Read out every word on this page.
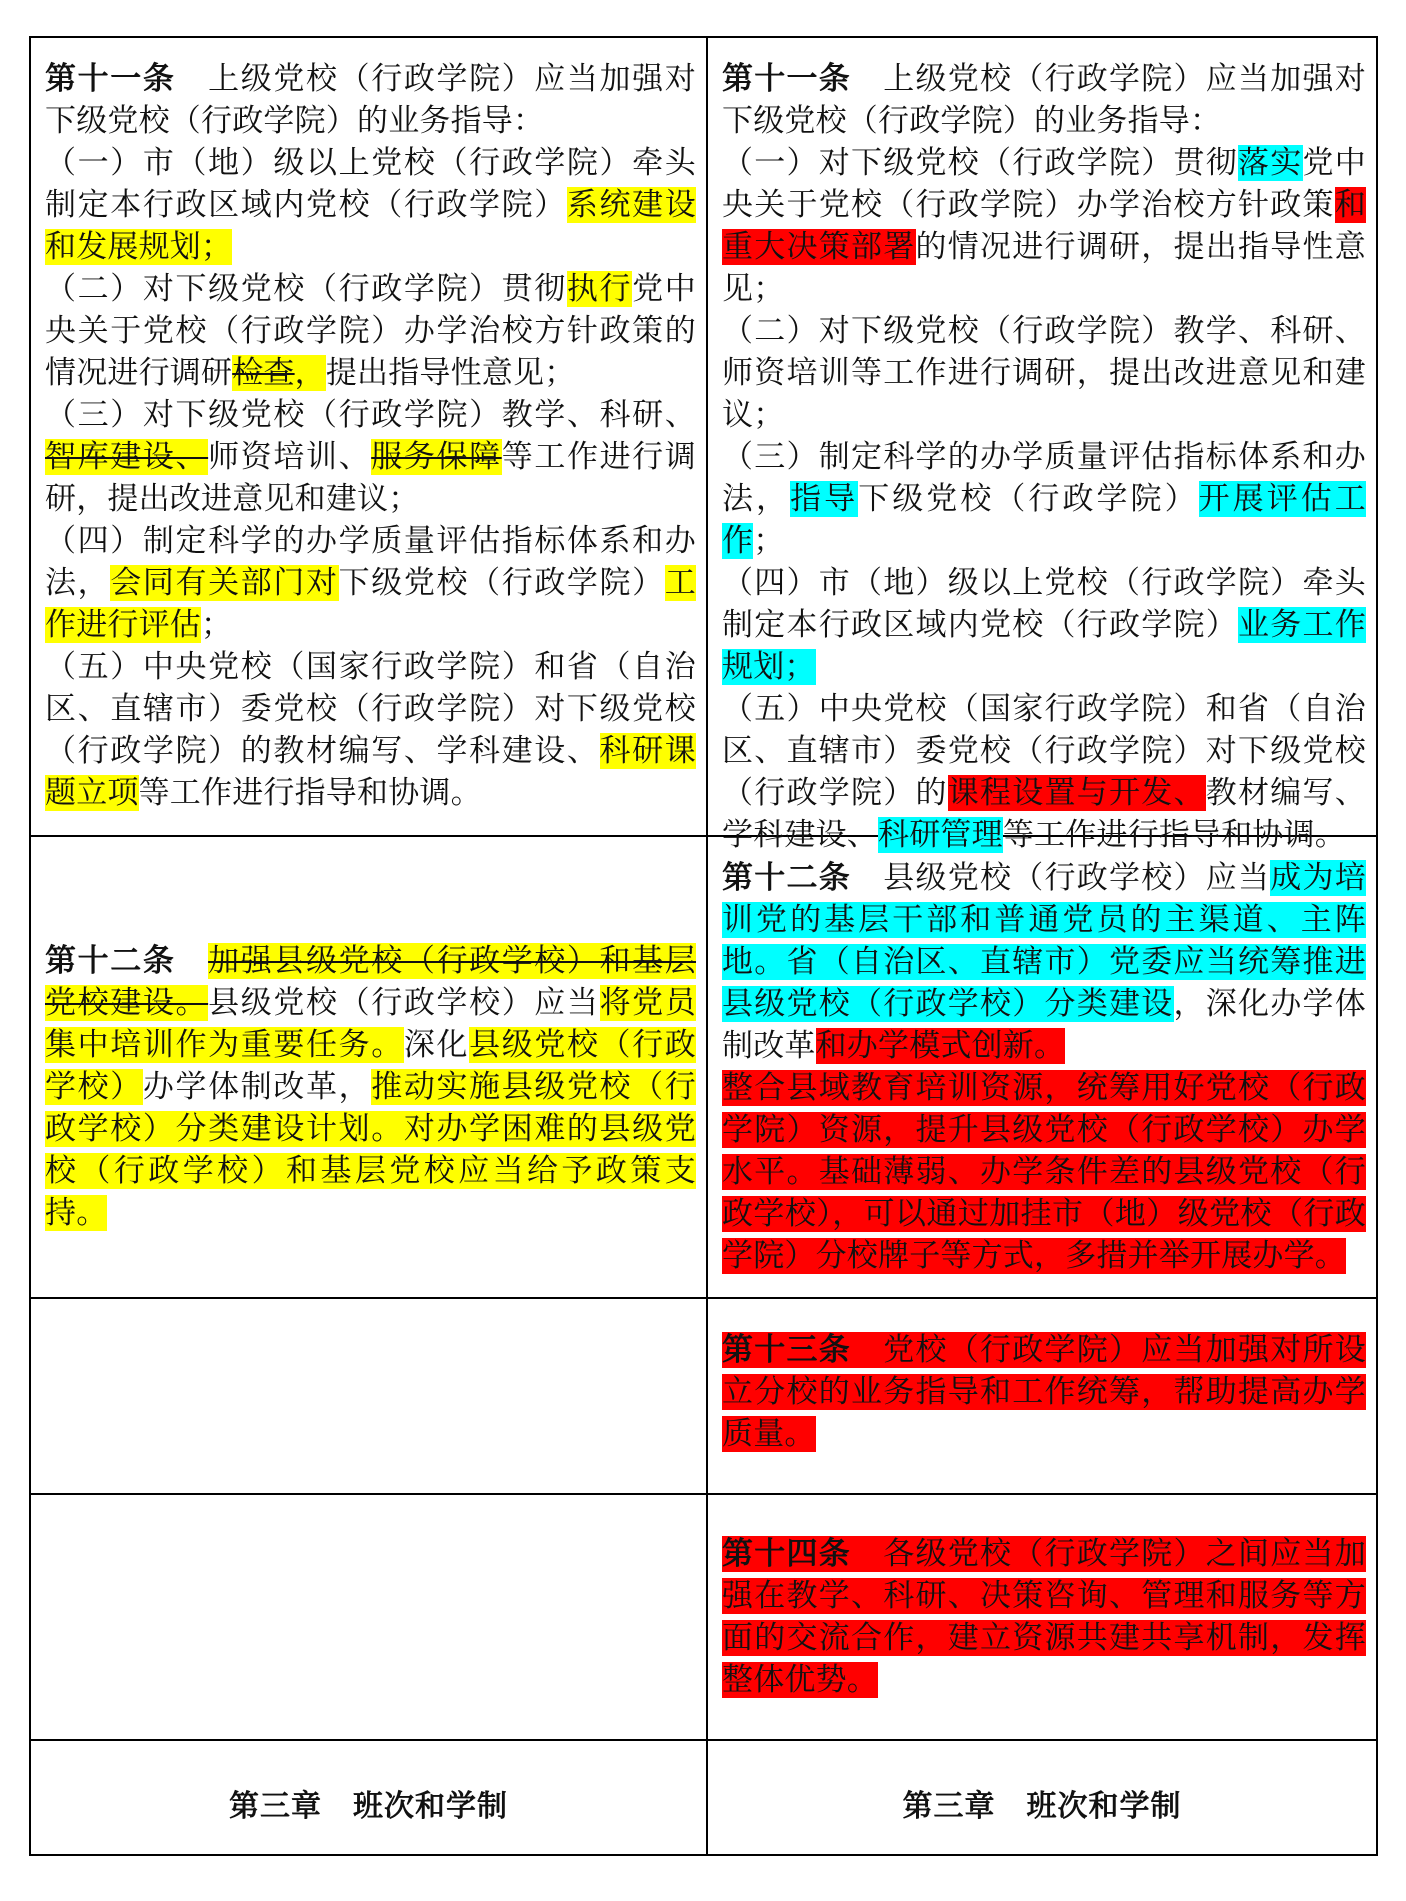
第十一条　上级党校（行政学院）应当加强对下级党校（行政学院）的业务指导：
（一）市（地）级以上党校（行政学院）牵头制定本行政区域内党校（行政学院）系统建设和发展规划；
（二）对下级党校（行政学院）贯彻执行党中央关于党校（行政学院）办学治校方针政策的情况进行调研检查，提出指导性意见；
（三）对下级党校（行政学院）教学、科研、智库建设、师资培训、服务保障等工作进行调研，提出改进意见和建议；
（四）制定科学的办学质量评估指标体系和办法，会同有关部门对下级党校（行政学院）工作进行评估；
（五）中央党校（国家行政学院）和省（自治区、直辖市）委党校（行政学院）对下级党校（行政学院）的教材编写、学科建设、科研课题立项等工作进行指导和协调。
第十一条　上级党校（行政学院）应当加强对下级党校（行政学院）的业务指导：
（一）对下级党校（行政学院）贯彻落实党中央关于党校（行政学院）办学治校方针政策和重大决策部署的情况进行调研，提出指导性意见；
（二）对下级党校（行政学院）教学、科研、师资培训等工作进行调研，提出改进意见和建议；
（三）制定科学的办学质量评估指标体系和办法，指导下级党校（行政学院）开展评估工作；
（四）市（地）级以上党校（行政学院）牵头制定本行政区域内党校（行政学院）业务工作规划；
（五）中央党校（国家行政学院）和省（自治区、直辖市）委党校（行政学院）对下级党校（行政学院）的课程设置与开发、教材编写、学科建设、科研管理等工作进行指导和协调。
第十二条　 加强县级党校（行政学校）和基层党校建设。县级党校（行政学校）应当将党员集中培训作为重要任务。深化县级党校（行政学校）办学体制改革，推动实施县级党校（行政学校）分类建设计划。对办学困难的县级党校（行政学校）和基层党校应当给予政策支持。
第十二条　县级党校（行政学校）应当成为培训党的基层干部和普通党员的主渠道、主阵地。省（自治区、直辖市）党委应当统筹推进县级党校（行政学校）分类建设，深化办学体制改革和办学模式创新。
整合县域教育培训资源，统筹用好党校（行政学院）资源，提升县级党校（行政学校）办学水平。基础薄弱、办学条件差的县级党校（行政学校），可以通过加挂市（地）级党校（行政学院）分校牌子等方式，多措并举开展办学。
第十三条　党校（行政学院）应当加强对所设立分校的业务指导和工作统筹，帮助提高办学质量。
第十四条　各级党校（行政学院）之间应当加强在教学、科研、决策咨询、管理和服务等方面的交流合作，建立资源共建共享机制，发挥整体优势。
第三章　班次和学制	第三章　班次和学制
